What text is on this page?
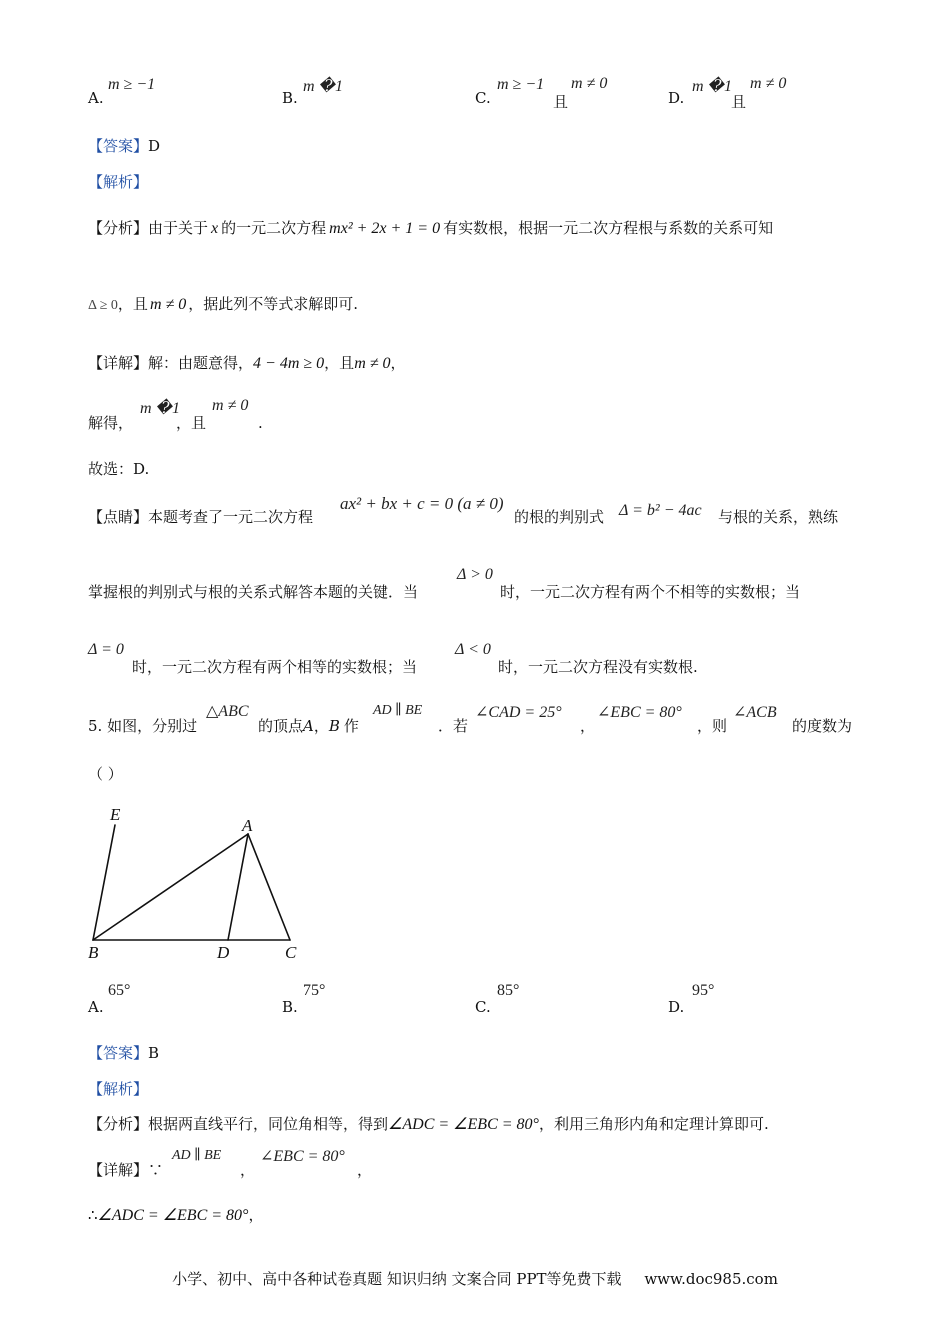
A.
m ≥ −1
B.
m �1
C.
m ≥ −1
且
m ≠ 0
D.
m �1
且
m ≠ 0
【答案】D
【解析】
【分析】由于关于 x 的一元二次方程 mx² + 2x + 1 = 0 有实数根，根据一元二次方程根与系数的关系可知
Δ ≥ 0，且 m ≠ 0 ，据此列不等式求解即可.
【详解】解：由题意得，4 − 4m ≥ 0，且m ≠ 0，
解得，
m �1
，且
m ≠ 0
.
故选：D.
【点睛】本题考查了一元二次方程
ax² + bx + c = 0 (a ≠ 0)
的根的判别式 Δ = b² − 4ac 与根的关系，熟练
掌握根的判别式与根的关系式解答本题的关键．当
Δ > 0
时，一元二次方程有两个不相等的实数根；当
Δ = 0
时，一元二次方程有两个相等的实数根；当
Δ < 0
时，一元二次方程没有实数根.
5. 如图，分别过
△ABC
的顶点A，B 作
AD ∥ BE
．若
∠CAD = 25°
，
∠EBC = 80°
，则
∠ACB
的度数为
（ ）
E
A
B	D	C
A.
65°
B.
75°
C.
85°
D.
95°
【答案】B
【解析】
【分析】根据两直线平行，同位角相等，得到∠ADC = ∠EBC = 80°，利用三角形内角和定理计算即可.
【详解】∵
AD ∥ BE
，
∠EBC = 80°
，
∴∠ADC = ∠EBC = 80°，
小学、初中、高中各种试卷真题 知识归纳 文案合同 PPT等免费下载 www.doc985.com
